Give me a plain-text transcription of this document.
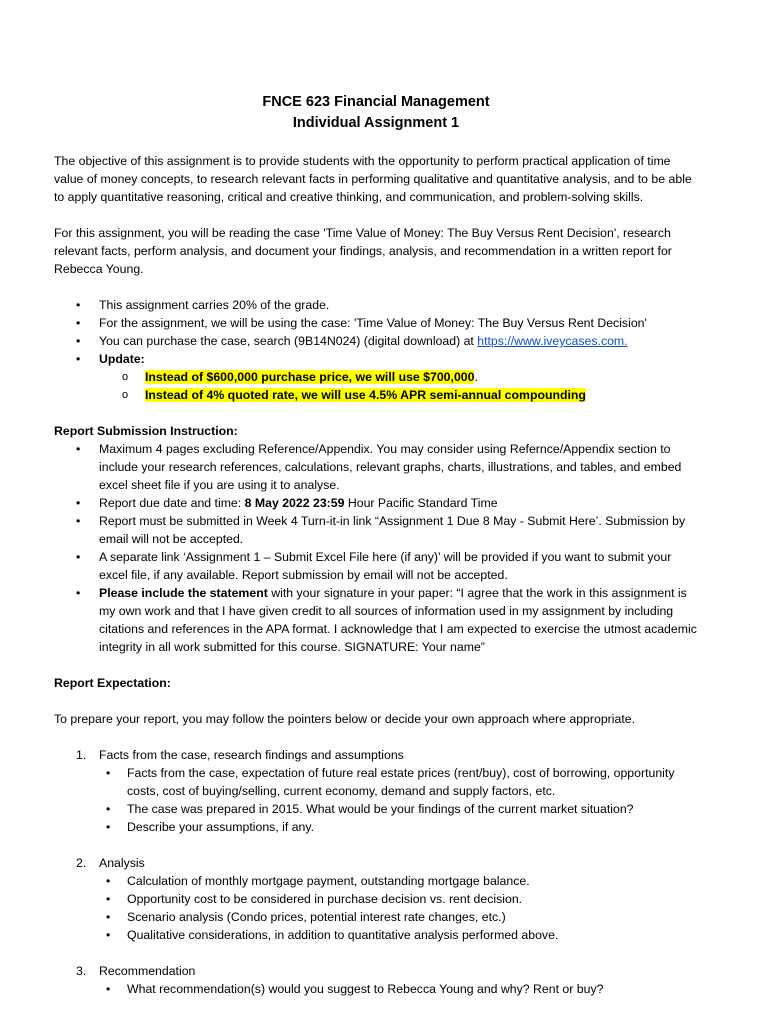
FNCE 623 Financial Management

Individual Assignment 1

The objective of this assignment is to provide students with the opportunity to perform practical application of time value of money concepts, to research relevant facts in performing qualitative and quantitative analysis, and to be able to apply quantitative reasoning, critical and creative thinking, and communication, and problem-solving skills.

For this assignment, you will be reading the case 'Time Value of Money: The Buy Versus Rent Decision', research relevant facts, perform analysis, and document your findings, analysis, and recommendation in a written report for Rebecca Young.

• This assignment carries 20% of the grade.
• For the assignment, we will be using the case: 'Time Value of Money: The Buy Versus Rent Decision'
• You can purchase the case, search (9B14N024) (digital download) at https://www.iveycases.com.
• Update:
o Instead of $600,000 purchase price, we will use $700,000.
o Instead of 4% quoted rate, we will use 4.5% APR semi-annual compounding

Report Submission Instruction:

• Maximum 4 pages excluding Reference/Appendix. You may consider using Refernce/Appendix section to include your research references, calculations, relevant graphs, charts, illustrations, and tables, and embed excel sheet file if you are using it to analyse.
• Report due date and time: 8 May 2022 23:59 Hour Pacific Standard Time
• Report must be submitted in Week 4 Turn-it-in link “Assignment 1 Due 8 May - Submit Here’. Submission by email will not be accepted.
• A separate link ‘Assignment 1 – Submit Excel File here (if any)’ will be provided if you want to submit your excel file, if any available. Report submission by email will not be accepted.
• Please include the statement with your signature in your paper: “I agree that the work in this assignment is my own work and that I have given credit to all sources of information used in my assignment by including citations and references in the APA format. I acknowledge that I am expected to exercise the utmost academic integrity in all work submitted for this course. SIGNATURE: Your name”

Report Expectation:

To prepare your report, you may follow the pointers below or decide your own approach where appropriate.

1. Facts from the case, research findings and assumptions
• Facts from the case, expectation of future real estate prices (rent/buy), cost of borrowing, opportunity costs, cost of buying/selling, current economy, demand and supply factors, etc.
• The case was prepared in 2015. What would be your findings of the current market situation?
• Describe your assumptions, if any.
2. Analysis
• Calculation of monthly mortgage payment, outstanding mortgage balance.
• Opportunity cost to be considered in purchase decision vs. rent decision.
• Scenario analysis (Condo prices, potential interest rate changes, etc.)
• Qualitative considerations, in addition to quantitative analysis performed above.
3. Recommendation
• What recommendation(s) would you suggest to Rebecca Young and why? Rent or buy?
